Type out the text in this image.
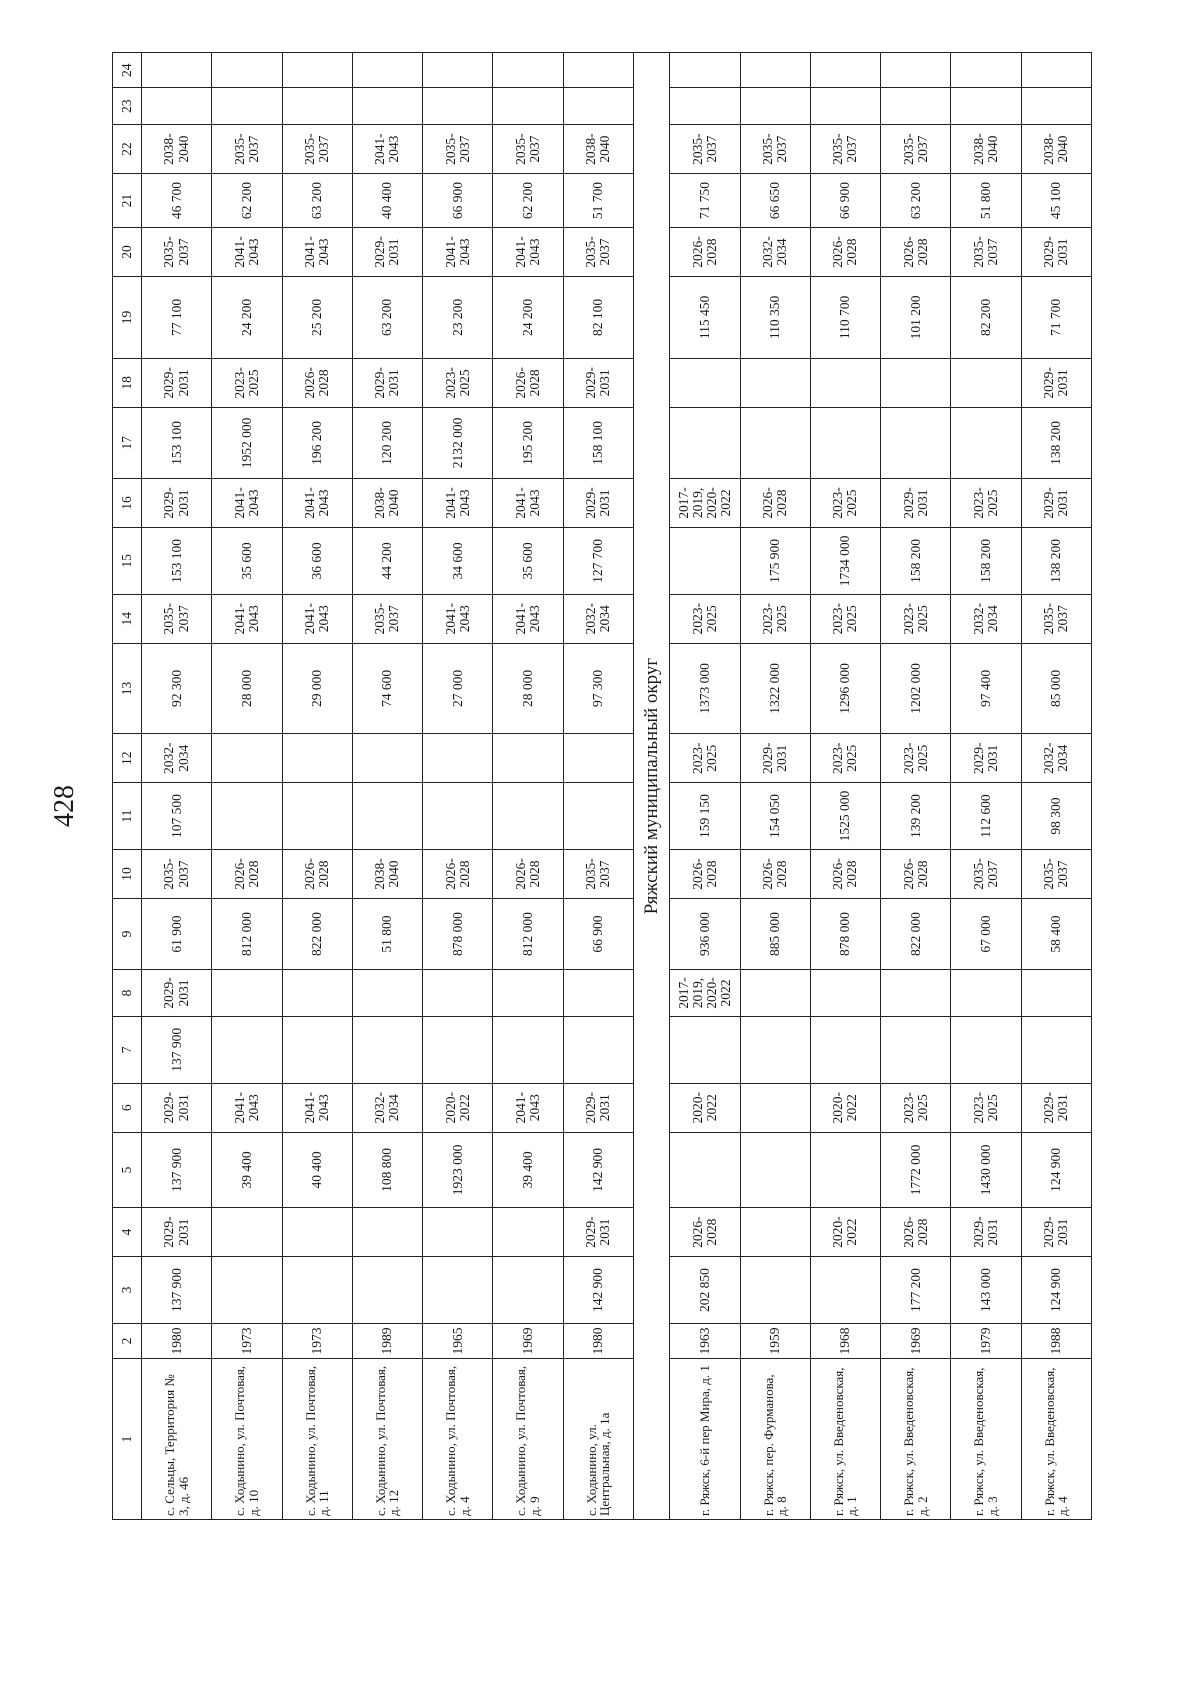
428
1	2	3	4	5	6	7	8	9	10	11	12	13	14	15	16	17	18	19	20	21	22	23	24
с. Сельцы, Территория № 3, д. 46	1980	137 900	2029-2031	137 900	2029-2031	137 900	2029-2031	61 900	2035-2037	107 500	2032-2034	92 300	2035-2037	153 100	2029-2031	153 100	2029-2031	77 100	2035-2037	46 700	2038-2040		
с. Ходынино, ул. Почтовая, д. 10	1973			39 400	2041-2043			812 000	2026-2028			28 000	2041-2043	35 600	2041-2043	1952 000	2023-2025	24 200	2041-2043	62 200	2035-2037		
с. Ходынино, ул. Почтовая, д. 11	1973			40 400	2041-2043			822 000	2026-2028			29 000	2041-2043	36 600	2041-2043	196 200	2026-2028	25 200	2041-2043	63 200	2035-2037		
с. Ходынино, ул. Почтовая, д. 12	1989			108 800	2032-2034			51 800	2038-2040			74 600	2035-2037	44 200	2038-2040	120 200	2029-2031	63 200	2029-2031	40 400	2041-2043		
с. Ходынино, ул. Почтовая, д. 4	1965			1923 000	2020-2022			878 000	2026-2028			27 000	2041-2043	34 600	2041-2043	2132 000	2023-2025	23 200	2041-2043	66 900	2035-2037		
с. Ходынино, ул. Почтовая, д. 9	1969			39 400	2041-2043			812 000	2026-2028			28 000	2041-2043	35 600	2041-2043	195 200	2026-2028	24 200	2041-2043	62 200	2035-2037		
с. Ходынино, ул. Центральная, д. 1а	1980	142 900	2029-2031	142 900	2029-2031			66 900	2035-2037			97 300	2032-2034	127 700	2029-2031	158 100	2029-2031	82 100	2035-2037	51 700	2038-2040		
Ряжский муниципальный округ																							
г. Ряжск, 6-й пер Мира, д. 1	1963	202 850	2026-2028		2020-2022		2017-2019, 2020-2022	936 000	2026-2028	159 150	2023-2025	1373 000	2023-2025		2017-2019, 2020-2022			115 450	2026-2028	71 750	2035-2037		
г. Ряжск, пер. Фурманова, д. 8	1959							885 000	2026-2028	154 050	2029-2031	1322 000	2023-2025	175 900	2026-2028			110 350	2032-2034	66 650	2035-2037		
г. Ряжск, ул. Введеновская, д. 1	1968		2020-2022		2020-2022			878 000	2026-2028	1525 000	2023-2025	1296 000	2023-2025	1734 000	2023-2025			110 700	2026-2028	66 900	2035-2037		
г. Ряжск, ул. Введеновская, д. 2	1969	177 200	2026-2028	1772 000	2023-2025			822 000	2026-2028	139 200	2023-2025	1202 000	2023-2025	158 200	2029-2031			101 200	2026-2028	63 200	2035-2037		
г. Ряжск, ул. Введеновская, д. 3	1979	143 000	2029-2031	1430 000	2023-2025			67 000	2035-2037	112 600	2029-2031	97 400	2032-2034	158 200	2023-2025			82 200	2035-2037	51 800	2038-2040		
г. Ряжск, ул. Введеновская, д. 4	1988	124 900	2029-2031	124 900	2029-2031			58 400	2035-2037	98 300	2032-2034	85 000	2035-2037	138 200	2029-2031	138 200	2029-2031	71 700	2029-2031	45 100	2038-2040		
